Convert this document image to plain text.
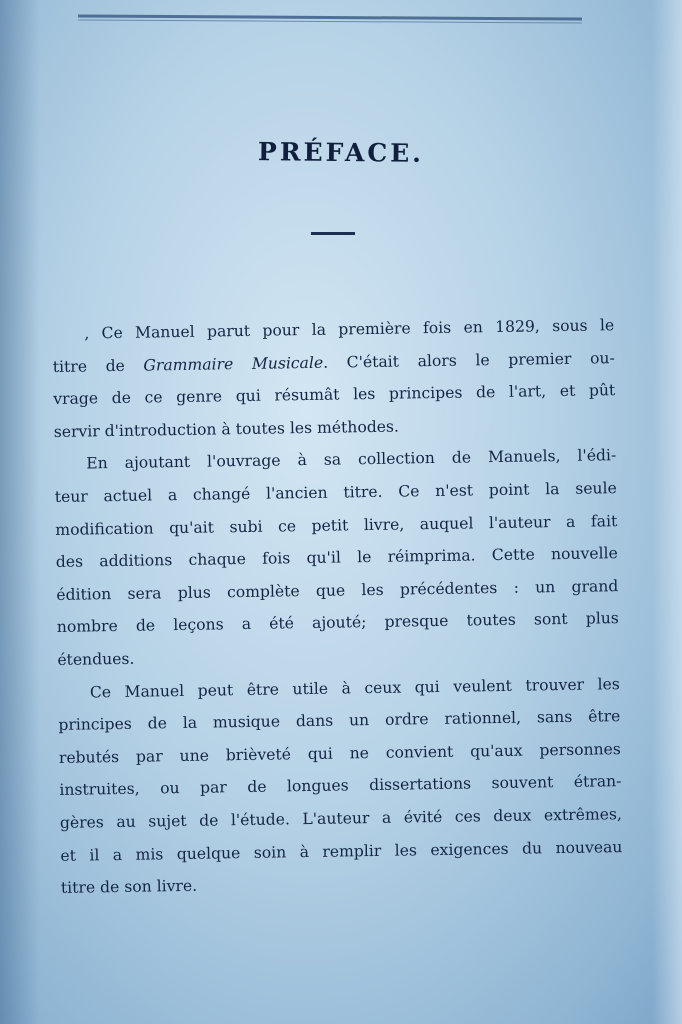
PRÉFACE.
, Ce Manuel parut pour la première fois en 1829, sous le
titre de Grammaire Musicale. C'était alors le premier ou-
vrage de ce genre qui résumât les principes de l'art, et pût
servir d'introduction à toutes les méthodes.
En ajoutant l'ouvrage à sa collection de Manuels, l'édi-
teur actuel a changé l'ancien titre. Ce n'est point la seule
modification qu'ait subi ce petit livre, auquel l'auteur a fait
des additions chaque fois qu'il le réimprima. Cette nouvelle
édition sera plus complète que les précédentes : un grand
nombre de leçons a été ajouté; presque toutes sont plus
étendues.
Ce Manuel peut être utile à ceux qui veulent trouver les
principes de la musique dans un ordre rationnel, sans être
rebutés par une brièveté qui ne convient qu'aux personnes
instruites, ou par de longues dissertations souvent étran-
gères au sujet de l'étude. L'auteur a évité ces deux extrêmes,
et il a mis quelque soin à remplir les exigences du nouveau
titre de son livre.
